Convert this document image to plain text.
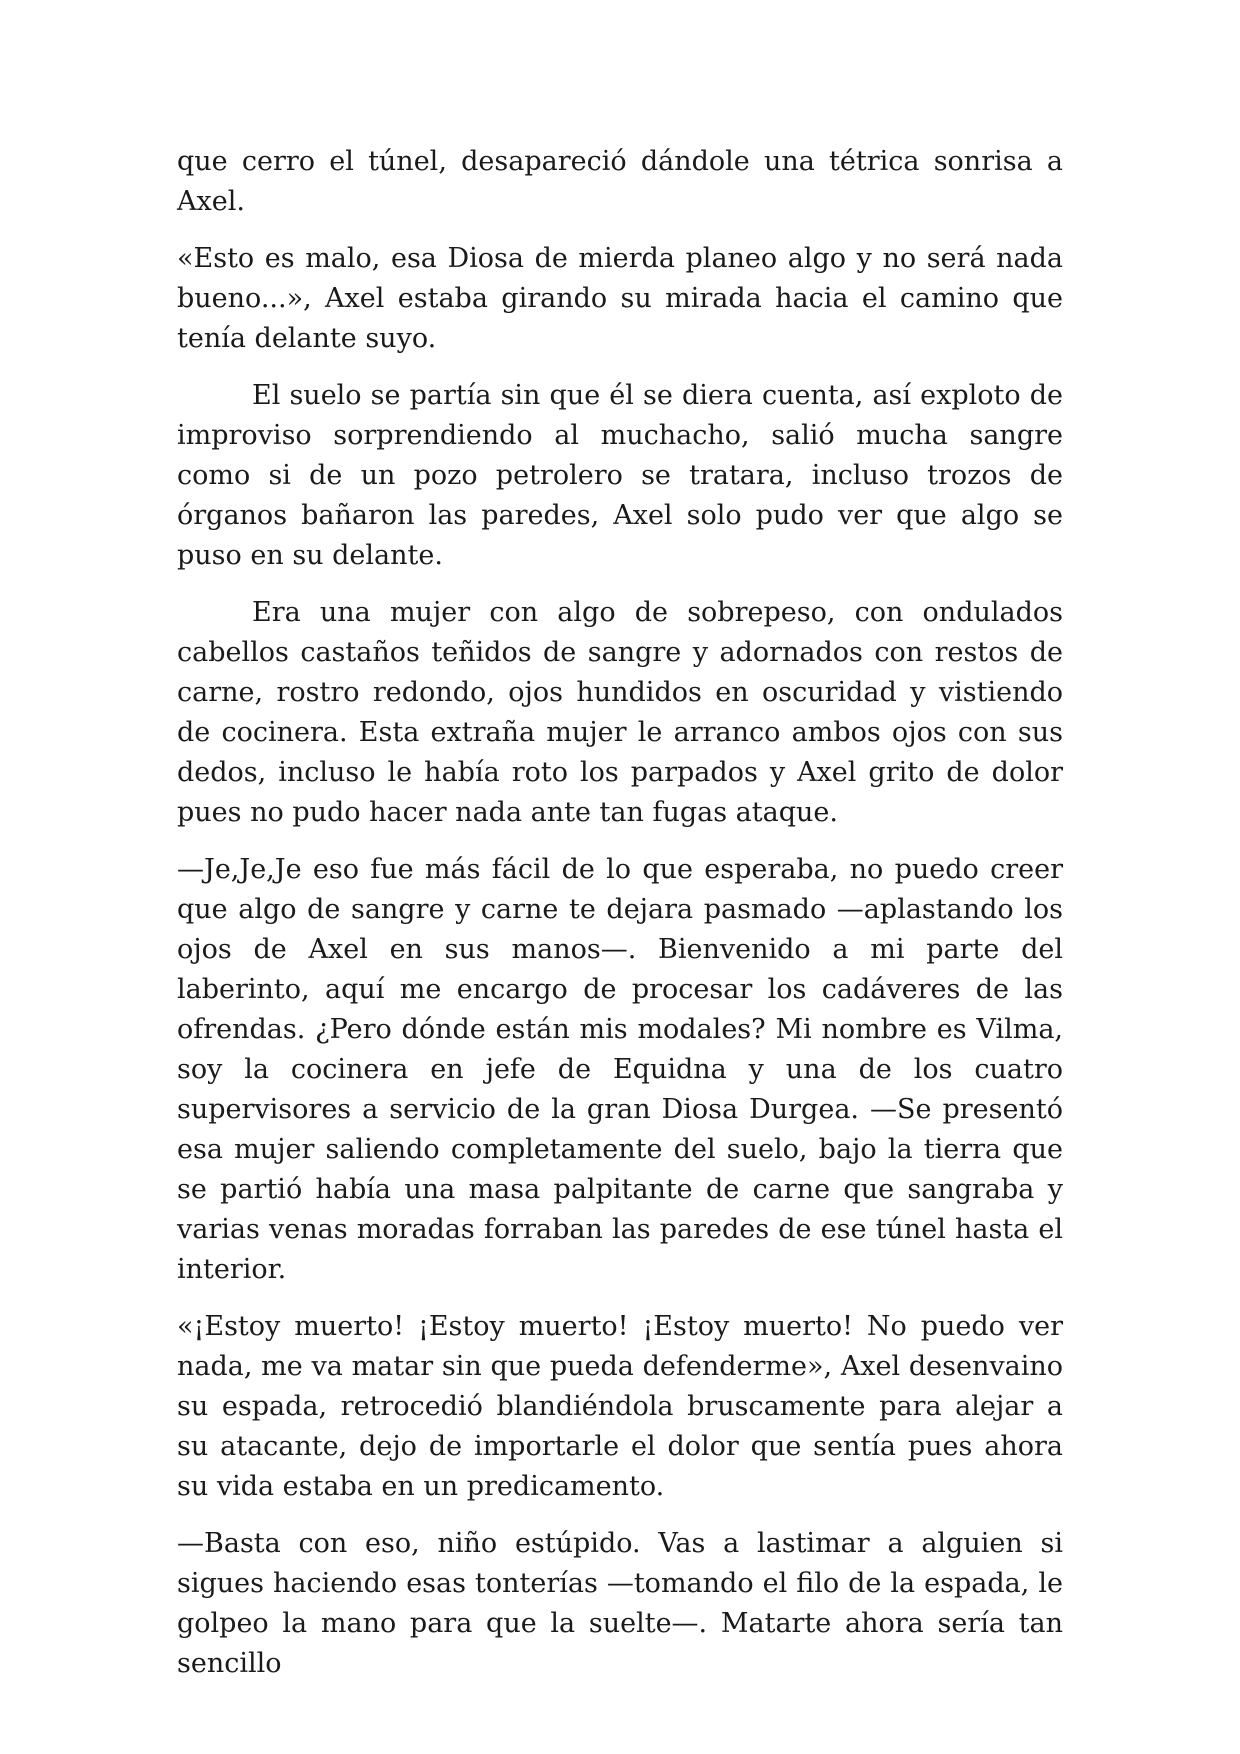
que cerro el túnel, desapareció dándole una tétrica sonrisa a Axel.

«Esto es malo, esa Diosa de mierda planeo algo y no será nada bueno...», Axel estaba girando su mirada hacia el camino que tenía delante suyo.

El suelo se partía sin que él se diera cuenta, así exploto de improviso sorprendiendo al muchacho, salió mucha sangre como si de un pozo petrolero se tratara, incluso trozos de órganos bañaron las paredes, Axel solo pudo ver que algo se puso en su delante.

Era una mujer con algo de sobrepeso, con ondulados cabellos castaños teñidos de sangre y adornados con restos de carne, rostro redondo, ojos hundidos en oscuridad y vistiendo de cocinera. Esta extraña mujer le arranco ambos ojos con sus dedos, incluso le había roto los parpados y Axel grito de dolor pues no pudo hacer nada ante tan fugas ataque.

—Je,Je,Je eso fue más fácil de lo que esperaba, no puedo creer que algo de sangre y carne te dejara pasmado —aplastando los ojos de Axel en sus manos—. Bienvenido a mi parte del laberinto, aquí me encargo de procesar los cadáveres de las ofrendas. ¿Pero dónde están mis modales? Mi nombre es Vilma, soy la cocinera en jefe de Equidna y una de los cuatro supervisores a servicio de la gran Diosa Durgea. —Se presentó esa mujer saliendo completamente del suelo, bajo la tierra que se partió había una masa palpitante de carne que sangraba y varias venas moradas forraban las paredes de ese túnel hasta el interior.

«¡Estoy muerto! ¡Estoy muerto! ¡Estoy muerto! No puedo ver nada, me va matar sin que pueda defenderme», Axel desenvaino su espada, retrocedió blandiéndola bruscamente para alejar a su atacante, dejo de importarle el dolor que sentía pues ahora su vida estaba en un predicamento.

—Basta con eso, niño estúpido. Vas a lastimar a alguien si sigues haciendo esas tonterías —tomando el filo de la espada, le golpeo la mano para que la suelte—. Matarte ahora sería tan sencillo
